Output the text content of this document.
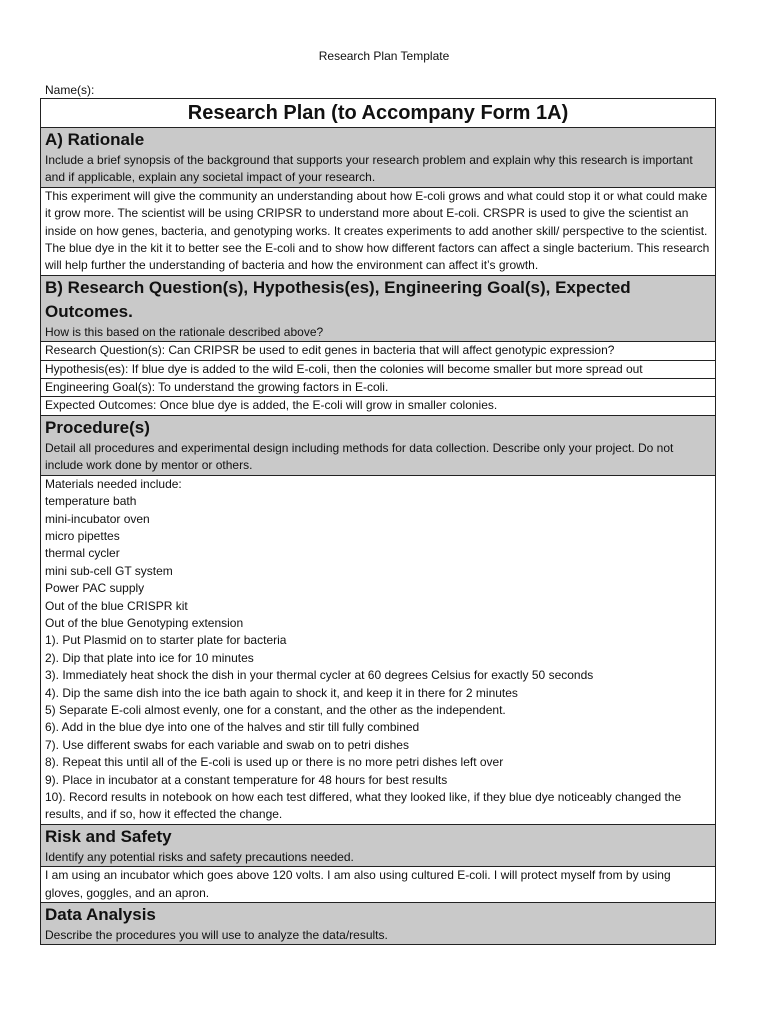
Research Plan Template
Name(s):
Research Plan (to Accompany Form 1A)
A) Rationale
Include a brief synopsis of the background that supports your research problem and explain why this research is important and if applicable, explain any societal impact of your research.
This experiment will give the community an understanding about how E-coli grows and what could stop it or what could make it grow more. The scientist will be using CRIPSR to understand more about E-coli. CRSPR is used to give the scientist an inside on how genes, bacteria, and genotyping works. It creates experiments to add another skill/ perspective to the scientist. The blue dye in the kit it to better see the E-coli and to show how different factors can affect a single bacterium. This research will help further the understanding of bacteria and how the environment can affect it’s growth.
B) Research Question(s), Hypothesis(es), Engineering Goal(s), Expected Outcomes.
How is this based on the rationale described above?
Research Question(s): Can CRIPSR be used to edit genes in bacteria that will affect genotypic expression?
Hypothesis(es): If blue dye is added to the wild E-coli, then the colonies will become smaller but more spread out
Engineering Goal(s): To understand the growing factors in E-coli.
Expected Outcomes: Once blue dye is added, the E-coli will grow in smaller colonies.
Procedure(s)
Detail all procedures and experimental design including methods for data collection. Describe only your project. Do not include work done by mentor or others.
Materials needed include:
temperature bath
mini-incubator oven
micro pipettes
thermal cycler
mini sub-cell GT system
Power PAC supply
Out of the blue CRISPR kit
Out of the blue Genotyping extension
1). Put Plasmid on to starter plate for bacteria
2). Dip that plate into ice for 10 minutes
3). Immediately heat shock the dish in your thermal cycler at 60 degrees Celsius for exactly 50 seconds
4). Dip the same dish into the ice bath again to shock it, and keep it in there for 2 minutes
5) Separate E-coli almost evenly, one for a constant, and the other as the independent.
6). Add in the blue dye into one of the halves and stir till fully combined
7). Use different swabs for each variable and swab on to petri dishes
8). Repeat this until all of the E-coli is used up or there is no more petri dishes left over
9). Place in incubator at a constant temperature for 48 hours for best results
10). Record results in notebook on how each test differed, what they looked like, if they blue dye noticeably changed the results, and if so, how it effected the change.
Risk and Safety
Identify any potential risks and safety precautions needed.
I am using an incubator which goes above 120 volts. I am also using cultured E-coli. I will protect myself from by using gloves, goggles, and an apron.
Data Analysis
Describe the procedures you will use to analyze the data/results.
